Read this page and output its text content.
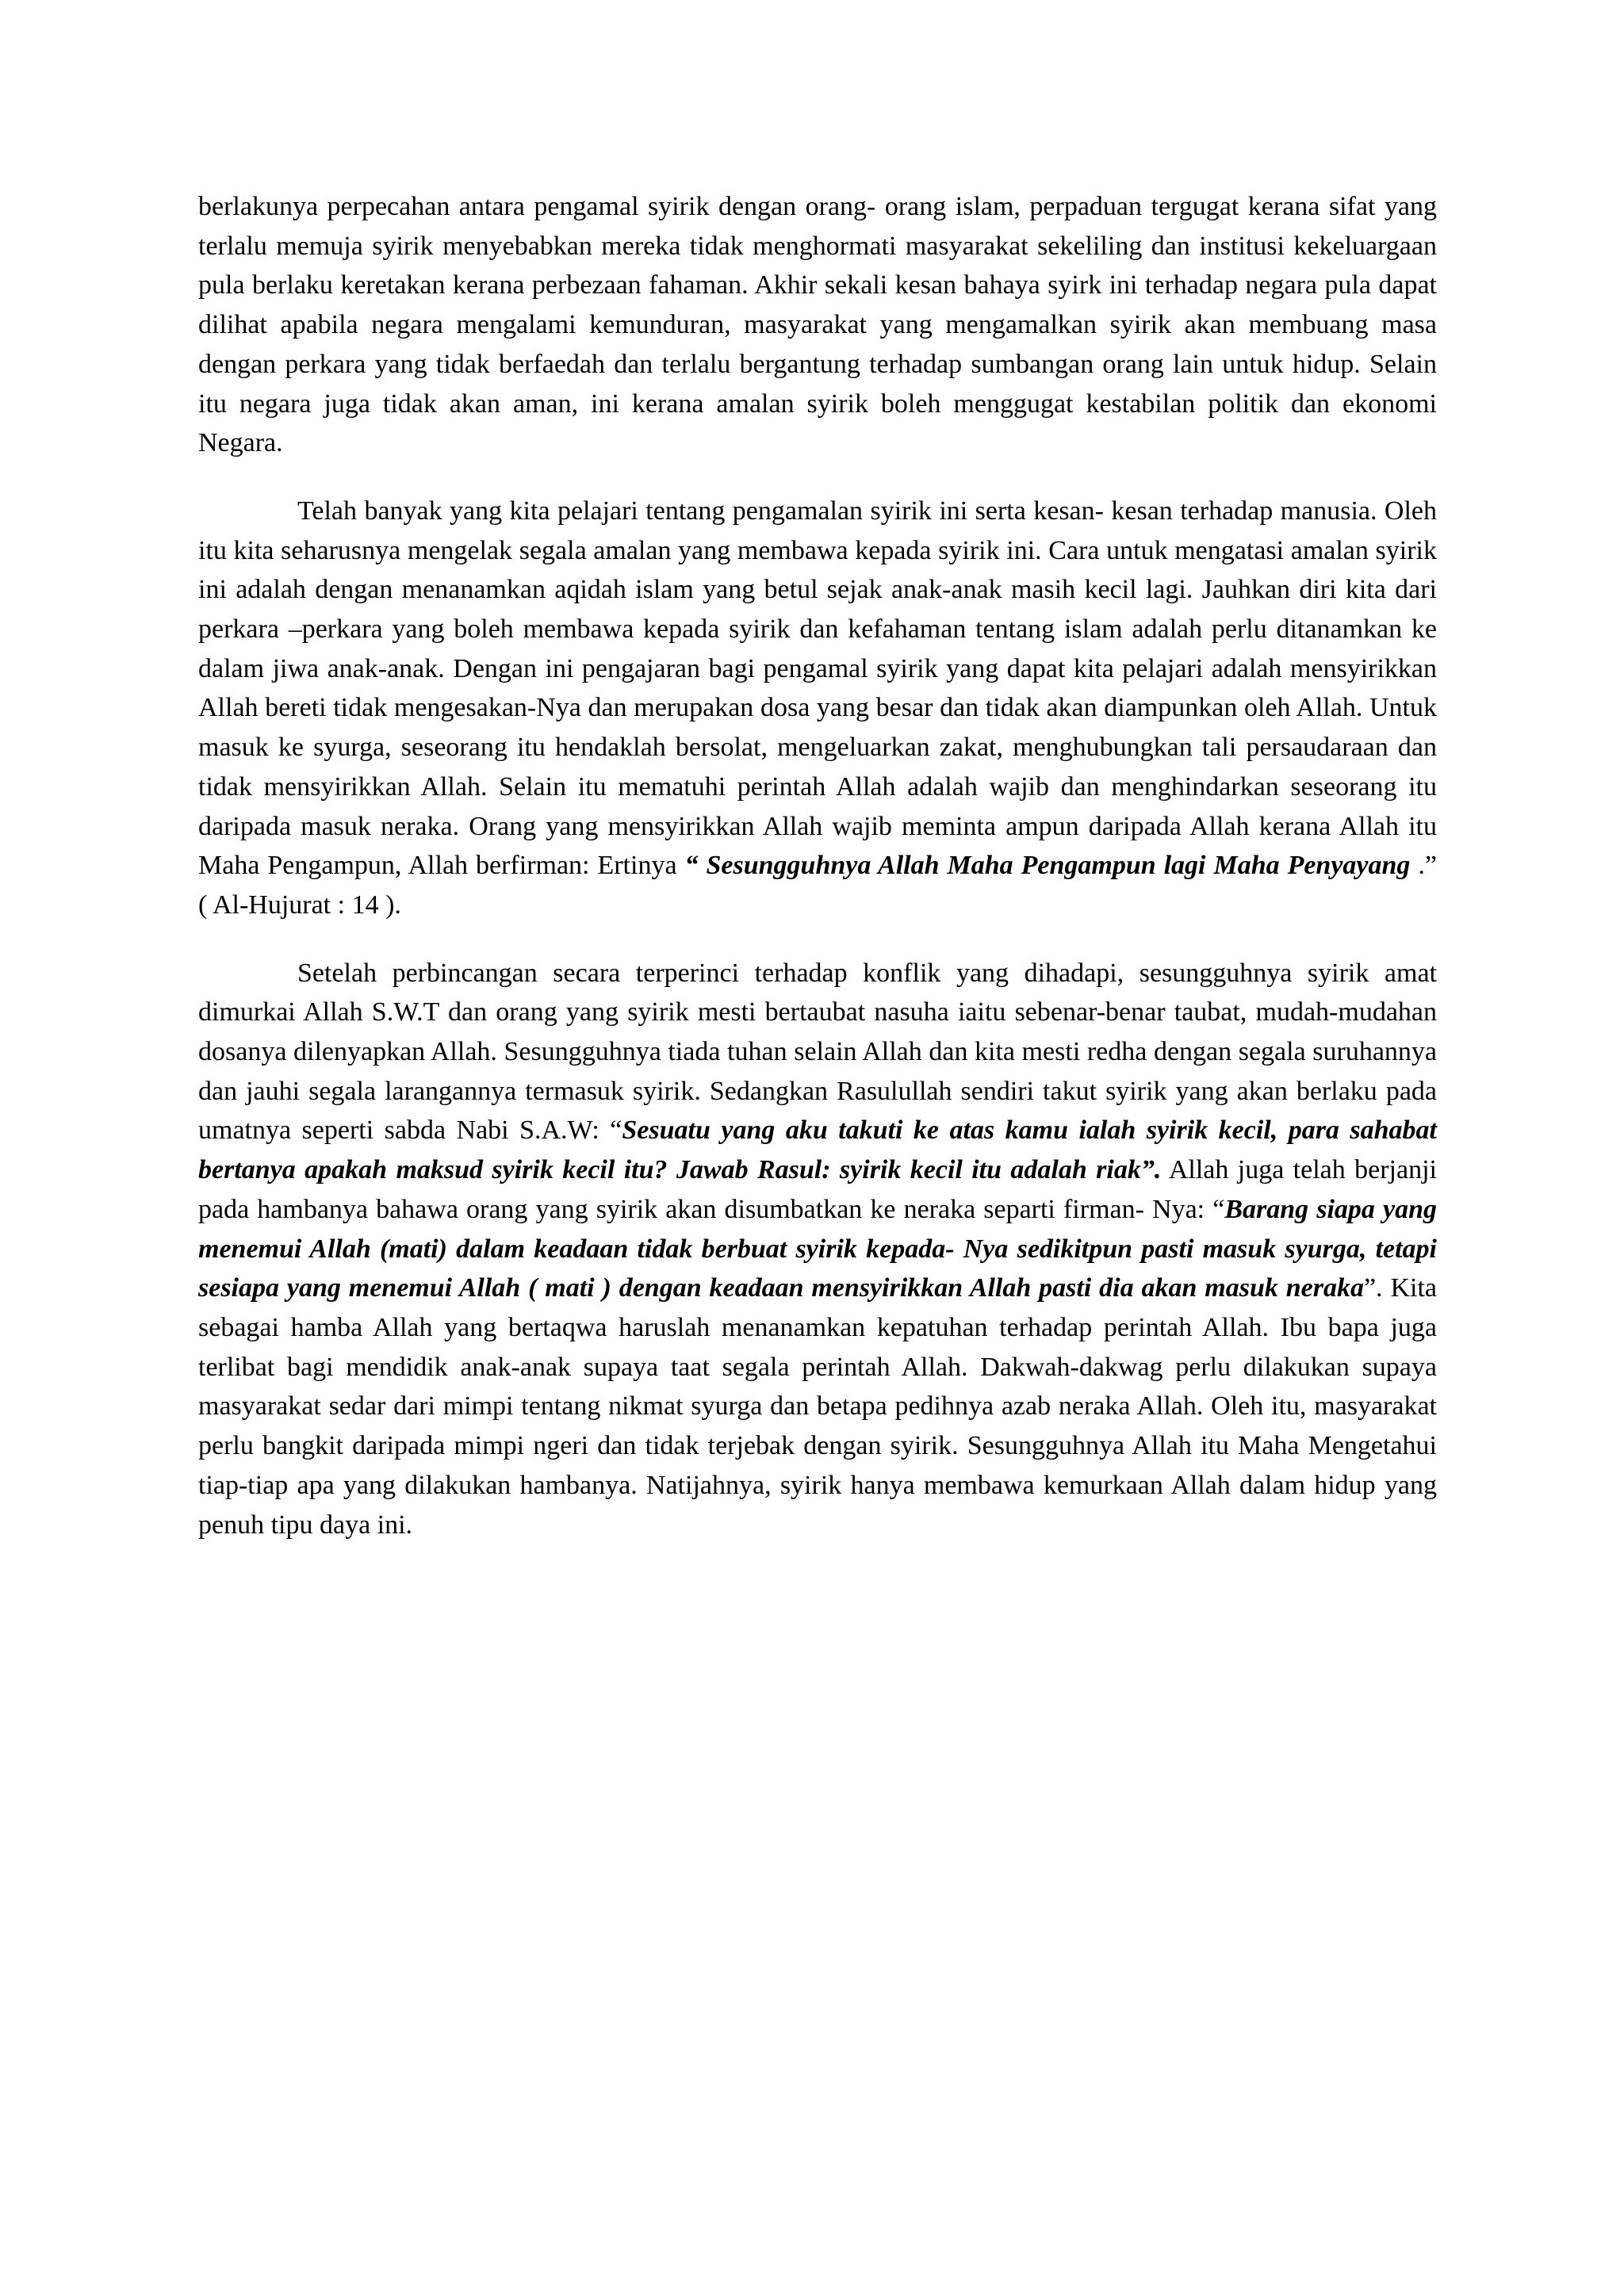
berlakunya perpecahan antara pengamal syirik dengan orang- orang islam, perpaduan tergugat kerana sifat yang terlalu memuja syirik menyebabkan mereka tidak menghormati masyarakat sekeliling dan institusi kekeluargaan pula berlaku keretakan kerana perbezaan fahaman. Akhir sekali kesan bahaya syirk ini terhadap negara pula dapat dilihat apabila negara mengalami kemunduran, masyarakat yang mengamalkan syirik akan membuang masa dengan perkara yang tidak berfaedah dan terlalu bergantung terhadap sumbangan orang lain untuk hidup. Selain itu negara juga tidak akan aman, ini kerana amalan syirik boleh menggugat kestabilan politik dan ekonomi Negara.

Telah banyak yang kita pelajari tentang pengamalan syirik ini serta kesan- kesan terhadap manusia. Oleh itu kita seharusnya mengelak segala amalan yang membawa kepada syirik ini. Cara untuk mengatasi amalan syirik ini adalah dengan menanamkan aqidah islam yang betul sejak anak-anak masih kecil lagi. Jauhkan diri kita dari perkara –perkara yang boleh membawa kepada syirik dan kefahaman tentang islam adalah perlu ditanamkan ke dalam jiwa anak-anak. Dengan ini pengajaran bagi pengamal syirik yang dapat kita pelajari adalah mensyirikkan Allah bereti tidak mengesakan-Nya dan merupakan dosa yang besar dan tidak akan diampunkan oleh Allah. Untuk masuk ke syurga, seseorang itu hendaklah bersolat, mengeluarkan zakat, menghubungkan tali persaudaraan dan tidak mensyirikkan Allah. Selain itu mematuhi perintah Allah adalah wajib dan menghindarkan seseorang itu daripada masuk neraka. Orang yang mensyirikkan Allah wajib meminta ampun daripada Allah kerana Allah itu Maha Pengampun, Allah berfirman: Ertinya “ Sesungguhnya Allah Maha Pengampun lagi Maha Penyayang .” ( Al-Hujurat : 14 ).

Setelah perbincangan secara terperinci terhadap konflik yang dihadapi, sesungguhnya syirik amat dimurkai Allah S.W.T dan orang yang syirik mesti bertaubat nasuha iaitu sebenar-benar taubat, mudah-mudahan dosanya dilenyapkan Allah. Sesungguhnya tiada tuhan selain Allah dan kita mesti redha dengan segala suruhannya dan jauhi segala larangannya termasuk syirik. Sedangkan Rasulullah sendiri takut syirik yang akan berlaku pada umatnya seperti sabda Nabi S.A.W: “Sesuatu yang aku takuti ke atas kamu ialah syirik kecil, para sahabat bertanya apakah maksud syirik kecil itu? Jawab Rasul: syirik kecil itu adalah riak”. Allah juga telah berjanji pada hambanya bahawa orang yang syirik akan disumbatkan ke neraka separti firman- Nya: “Barang siapa yang menemui Allah (mati) dalam keadaan tidak berbuat syirik kepada- Nya sedikitpun pasti masuk syurga, tetapi sesiapa yang menemui Allah ( mati ) dengan keadaan mensyirikkan Allah pasti dia akan masuk neraka”. Kita sebagai hamba Allah yang bertaqwa haruslah menanamkan kepatuhan terhadap perintah Allah. Ibu bapa juga terlibat bagi mendidik anak-anak supaya taat segala perintah Allah. Dakwah-dakwag perlu dilakukan supaya masyarakat sedar dari mimpi tentang nikmat syurga dan betapa pedihnya azab neraka Allah. Oleh itu, masyarakat perlu bangkit daripada mimpi ngeri dan tidak terjebak dengan syirik. Sesungguhnya Allah itu Maha Mengetahui tiap-tiap apa yang dilakukan hambanya. Natijahnya, syirik hanya membawa kemurkaan Allah dalam hidup yang penuh tipu daya ini.
